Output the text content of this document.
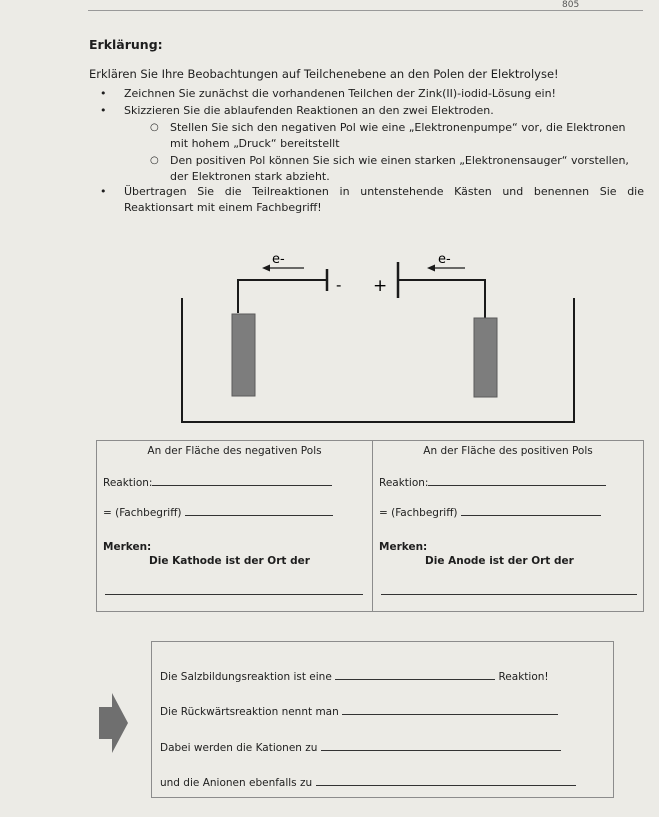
805
Erklärung:
Erklären Sie Ihre Beobachtungen auf Teilchenebene an den Polen der Elektrolyse!
• Zeichnen Sie zunächst die vorhandenen Teilchen der Zink(II)-iodid-Lösung ein!
• Skizzieren Sie die ablaufenden Reaktionen an den zwei Elektroden.
○ Stellen Sie sich den negativen Pol wie eine „Elektronenpumpe“ vor, die Elektronen
mit hohem „Druck“ bereitstellt
○ Den positiven Pol können Sie sich wie einen starken „Elektronensauger“ vorstellen,
der Elektronen stark abzieht.
• Übertragen Sie die Teilreaktionen in untenstehende Kästen und benennen Sie die
Reaktionsart mit einem Fachbegriff!
e-	e-
- +
An der Fläche des negativen Pols	An der Fläche des positiven Pols
Reaktion:	Reaktion:
= (Fachbegriff)	= (Fachbegriff)
Merken:	Merken:
Die Kathode ist der Ort der	Die Anode ist der Ort der
Die Salzbildungsreaktion ist eine	Reaktion!
Die Rückwärtsreaktion nennt man
Dabei werden die Kationen zu
und die Anionen ebenfalls zu
